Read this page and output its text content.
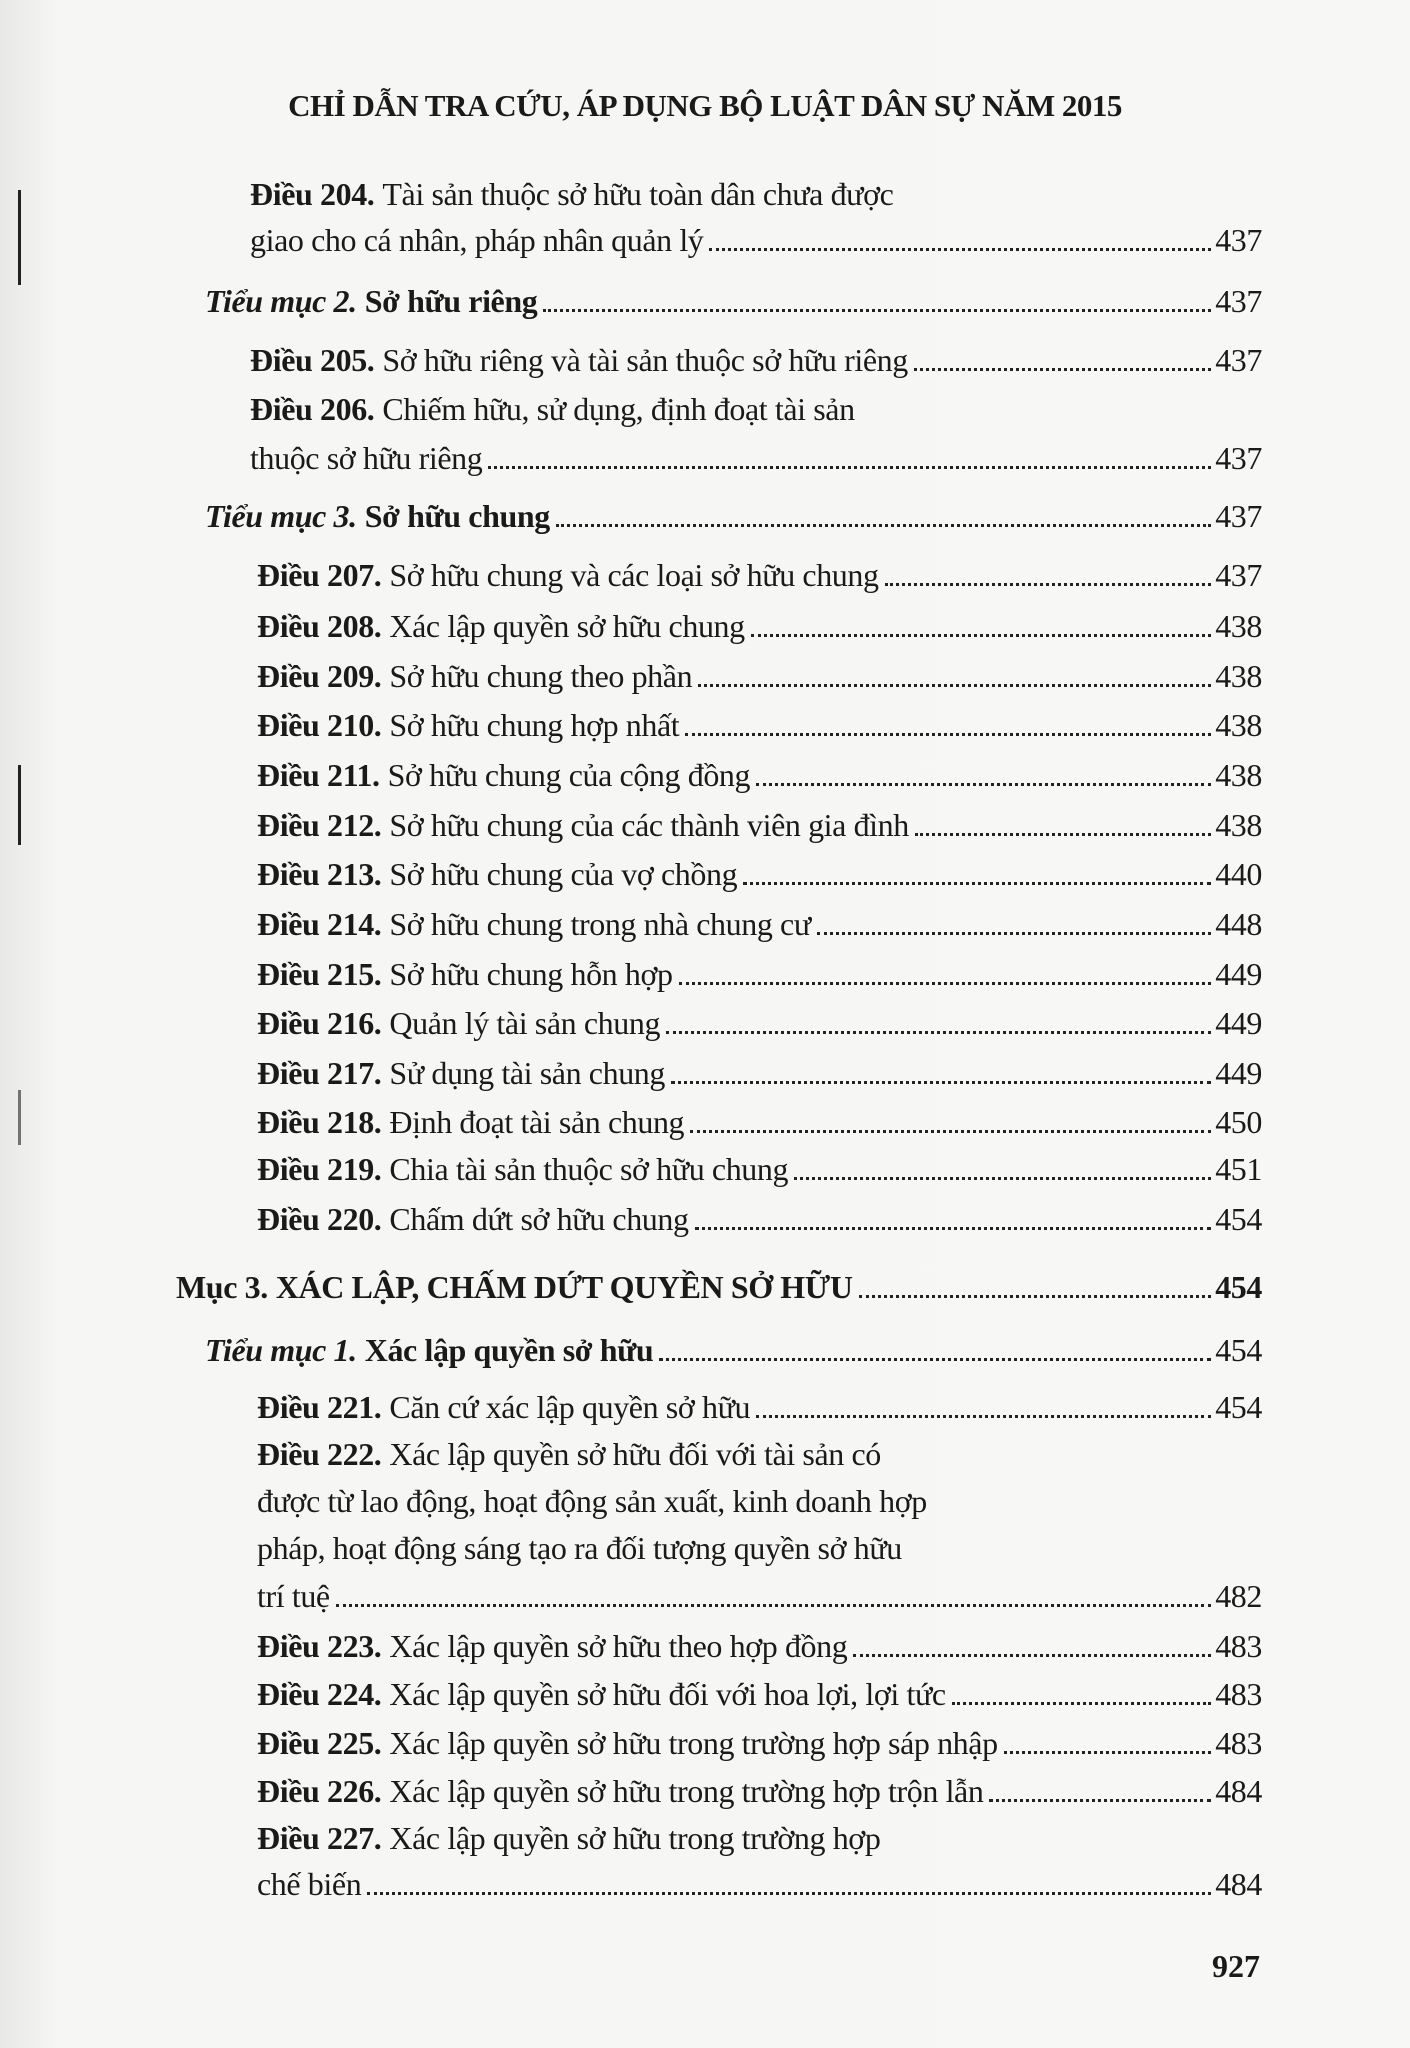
CHỈ DẪN TRA CỨU, ÁP DỤNG BỘ LUẬT DÂN SỰ NĂM 2015
Điều 204. Tài sản thuộc sở hữu toàn dân chưa được
giao cho cá nhân, pháp nhân quản lý	437
Tiểu mục 2. Sở hữu riêng	437
Điều 205. Sở hữu riêng và tài sản thuộc sở hữu riêng	437
Điều 206. Chiếm hữu, sử dụng, định đoạt tài sản
thuộc sở hữu riêng	437
Tiểu mục 3. Sở hữu chung	437
Điều 207. Sở hữu chung và các loại sở hữu chung	437
Điều 208. Xác lập quyền sở hữu chung	438
Điều 209. Sở hữu chung theo phần	438
Điều 210. Sở hữu chung hợp nhất	438
Điều 211. Sở hữu chung của cộng đồng	438
Điều 212. Sở hữu chung của các thành viên gia đình	438
Điều 213. Sở hữu chung của vợ chồng	440
Điều 214. Sở hữu chung trong nhà chung cư	448
Điều 215. Sở hữu chung hỗn hợp	449
Điều 216. Quản lý tài sản chung	449
Điều 217. Sử dụng tài sản chung	449
Điều 218. Định đoạt tài sản chung	450
Điều 219. Chia tài sản thuộc sở hữu chung	451
Điều 220. Chấm dứt sở hữu chung	454
Mục 3. XÁC LẬP, CHẤM DỨT QUYỀN SỞ HỮU	454
Tiểu mục 1. Xác lập quyền sở hữu	454
Điều 221. Căn cứ xác lập quyền sở hữu	454
Điều 222. Xác lập quyền sở hữu đối với tài sản có
được từ lao động, hoạt động sản xuất, kinh doanh hợp
pháp, hoạt động sáng tạo ra đối tượng quyền sở hữu
trí tuệ	482
Điều 223. Xác lập quyền sở hữu theo hợp đồng	483
Điều 224. Xác lập quyền sở hữu đối với hoa lợi, lợi tức	483
Điều 225. Xác lập quyền sở hữu trong trường hợp sáp nhập	483
Điều 226. Xác lập quyền sở hữu trong trường hợp trộn lẫn	484
Điều 227. Xác lập quyền sở hữu trong trường hợp
chế biến	484
927
